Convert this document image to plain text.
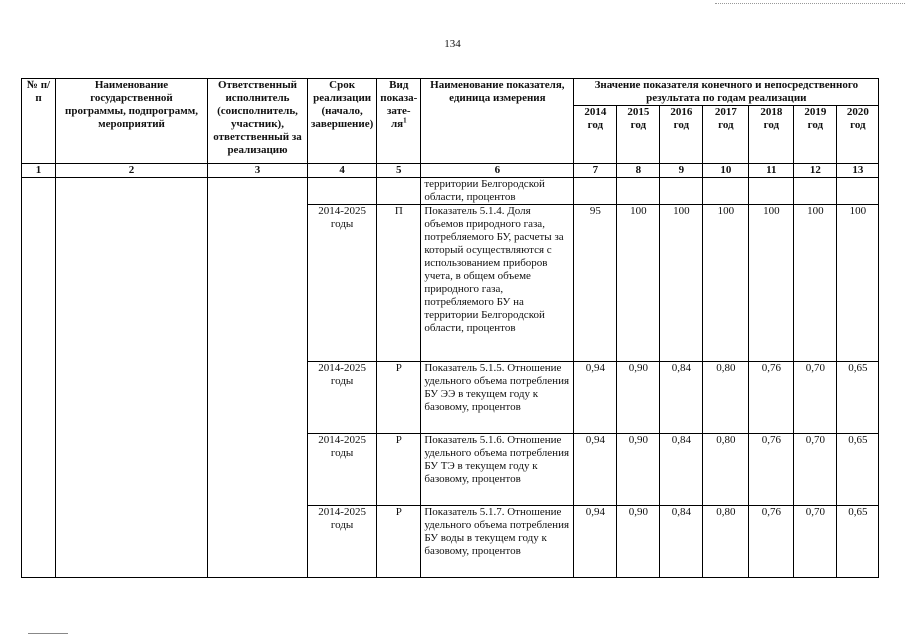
134
№ п/п	Наименование государственной программы, подпрограмм, мероприятий	Ответственный исполнитель (соисполнитель, участник), ответственный за реализацию	Срок реализации (начало, завершение)	Вид показа-$зате-ля^1$	Наименование показателя, единица измерения	Значение показателя конечного и непосредственного результата по годам реализации						
						2014 год	2015 год	2016 год	2017 год	2018 год	2019 год	2020 год
1	2	3	4	5	6	7	8	9	10	11	12	13
					территории Белгородской области, процентов							
			2014-2025 годы	П	Показатель 5.1.4. Доля объемов природного газа, потребляемого БУ, расчеты за который осуществляются с использованием приборов учета, в общем объеме природного газа, потребляемого БУ на территории Белгородской области, процентов	95	100	100	100	100	100	100
			2014-2025 годы	Р	Показатель 5.1.5. Отношение удельного объема потребления БУ ЭЭ в текущем году к базовому, процентов	0,94	0,90	0,84	0,80	0,76	0,70	0,65
			2014-2025 годы	Р	Показатель 5.1.6. Отношение удельного объема потребления БУ ТЭ в текущем году к базовому, процентов	0,94	0,90	0,84	0,80	0,76	0,70	0,65
			2014-2025 годы	Р	Показатель 5.1.7. Отношение удельного объема потребления БУ воды в текущем году к базовому, процентов	0,94	0,90	0,84	0,80	0,76	0,70	0,65
